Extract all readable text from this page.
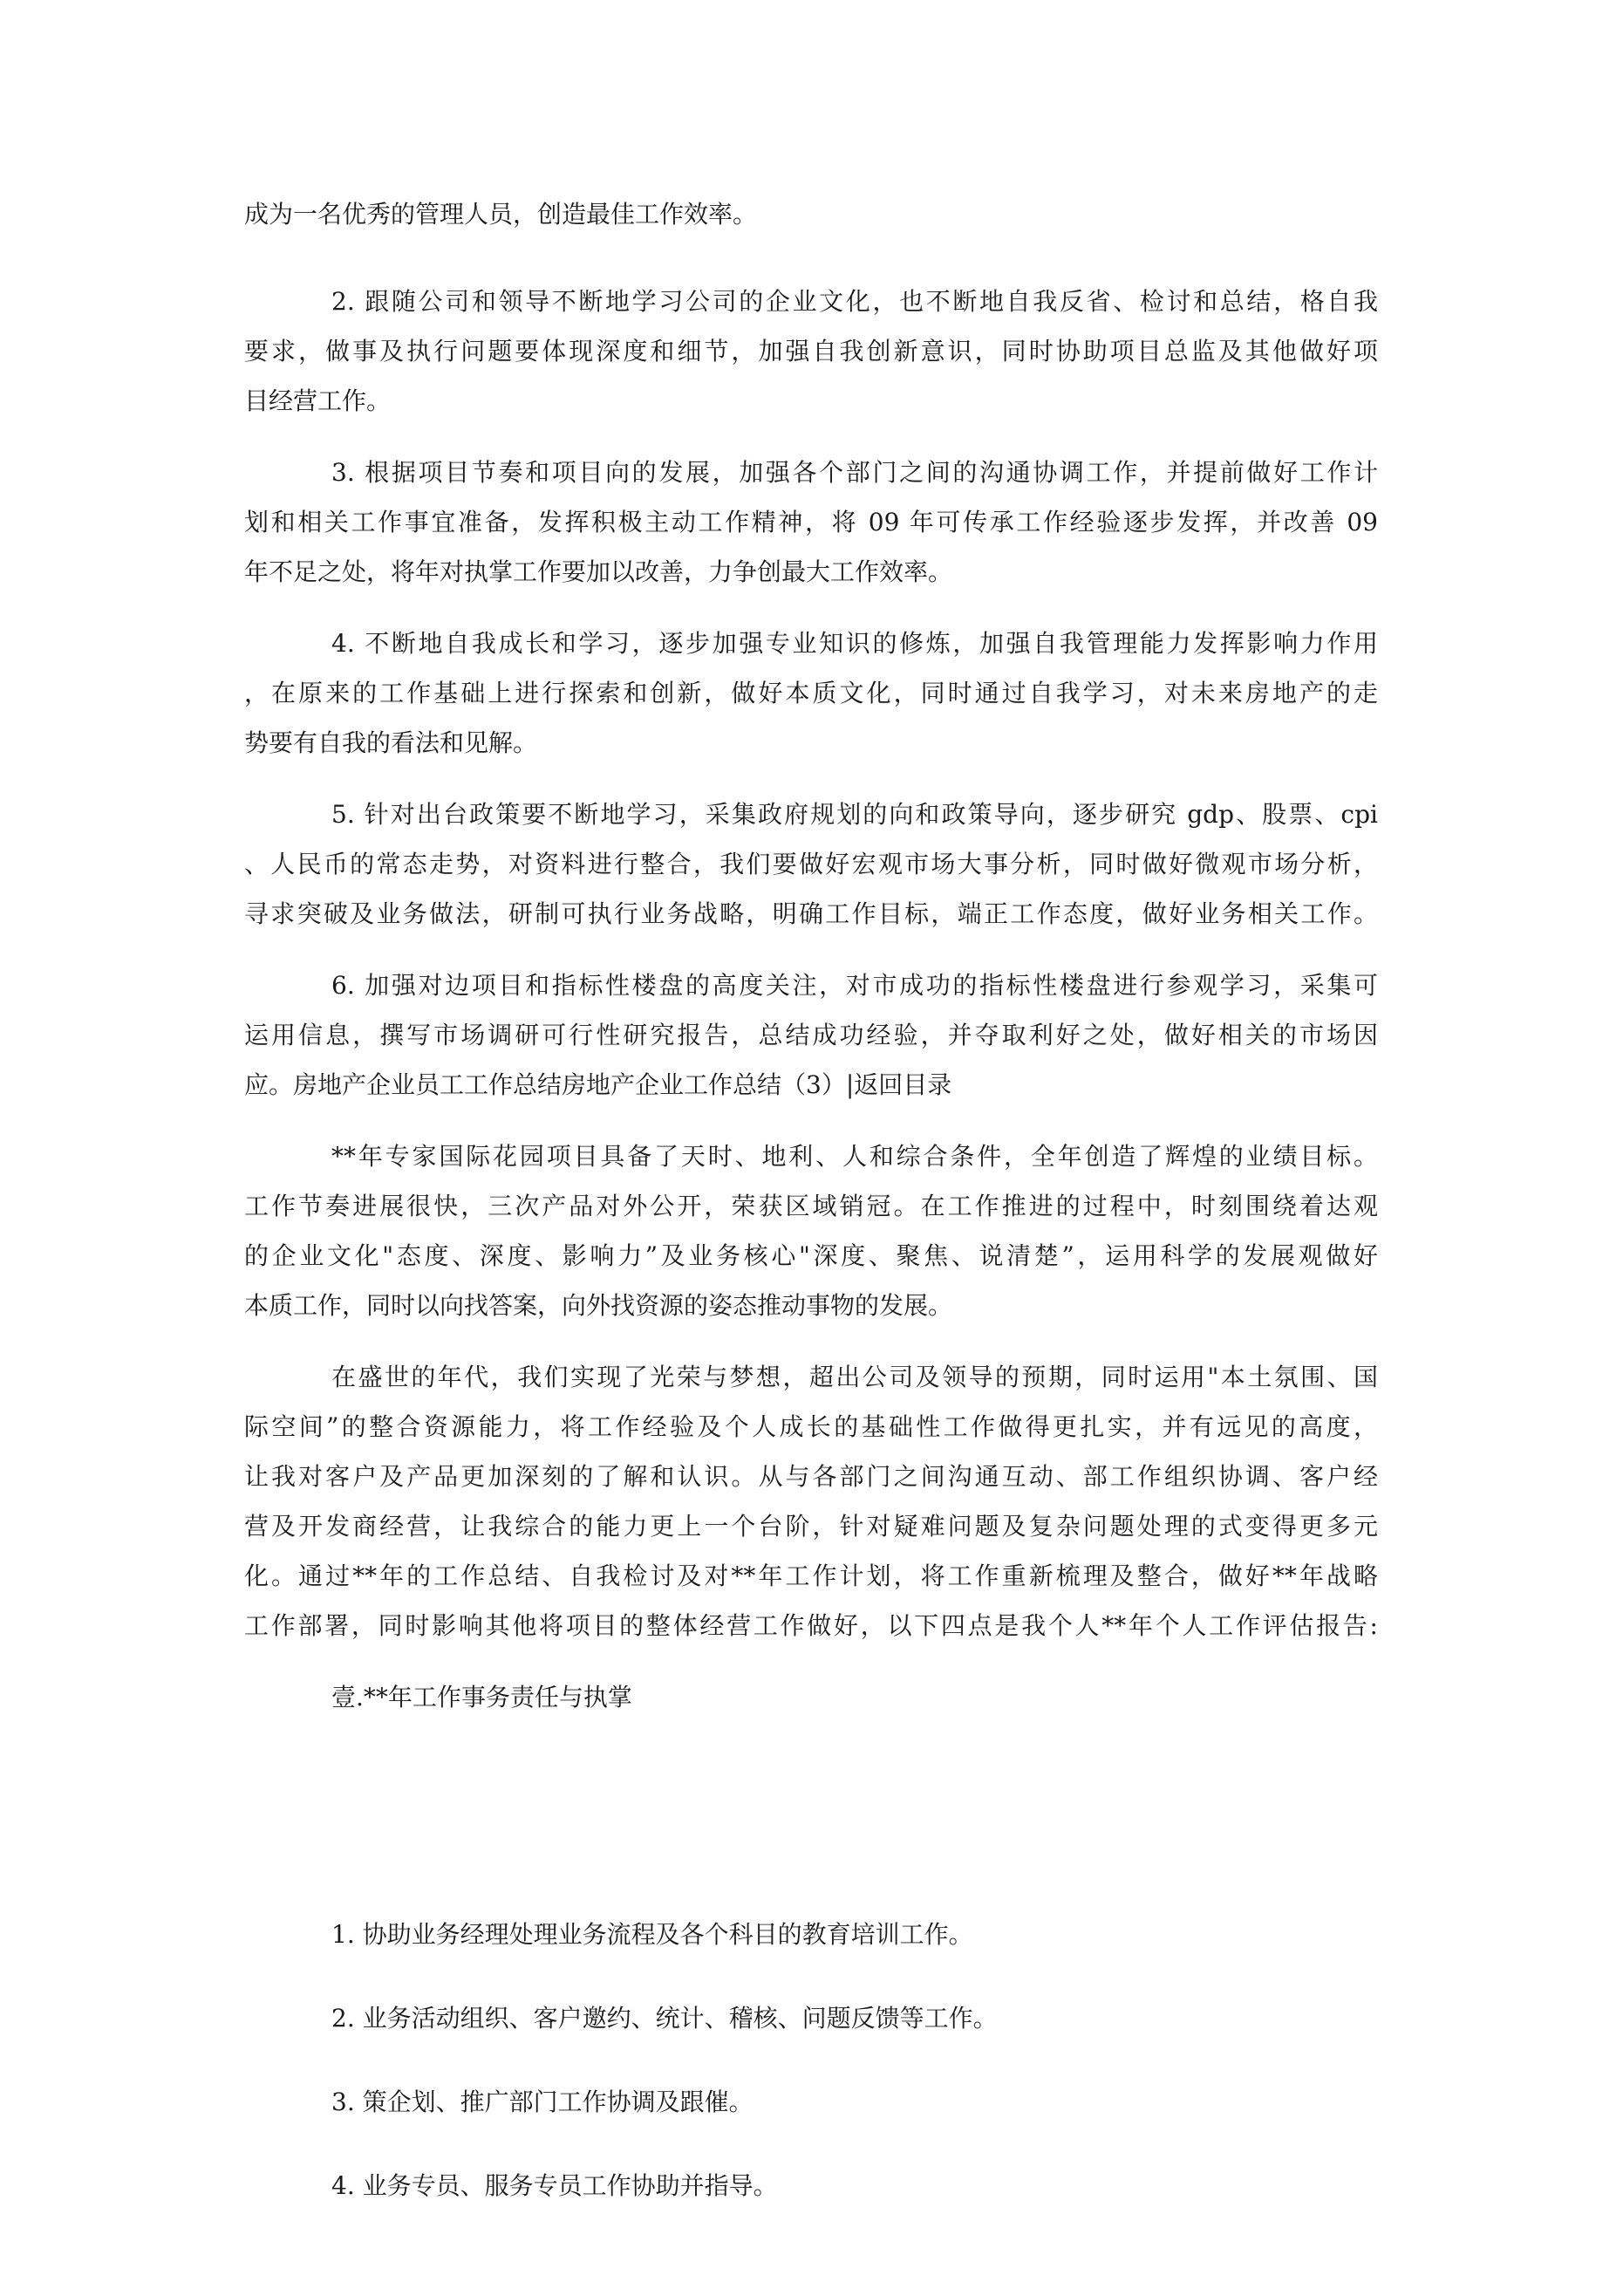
成为一名优秀的管理人员，创造最佳工作效率。
2. 跟随公司和领导不断地学习公司的企业文化，也不断地自我反省、检讨和总结，格自我
要求，做事及执行问题要体现深度和细节，加强自我创新意识，同时协助项目总监及其他做好项
目经营工作。
3. 根据项目节奏和项目向的发展，加强各个部门之间的沟通协调工作，并提前做好工作计
划和相关工作事宜准备，发挥积极主动工作精神，将 09 年可传承工作经验逐步发挥，并改善 09
年不足之处，将年对执掌工作要加以改善，力争创最大工作效率。
4. 不断地自我成长和学习，逐步加强专业知识的修炼，加强自我管理能力发挥影响力作用
，在原来的工作基础上进行探索和创新，做好本质文化，同时通过自我学习，对未来房地产的走
势要有自我的看法和见解。
5. 针对出台政策要不断地学习，采集政府规划的向和政策导向，逐步研究 gdp、股票、cpi
、人民币的常态走势，对资料进行整合，我们要做好宏观市场大事分析，同时做好微观市场分析，
寻求突破及业务做法，研制可执行业务战略，明确工作目标，端正工作态度，做好业务相关工作。
6. 加强对边项目和指标性楼盘的高度关注，对市成功的指标性楼盘进行参观学习，采集可
运用信息，撰写市场调研可行性研究报告，总结成功经验，并夺取利好之处，做好相关的市场因
应。房地产企业员工工作总结房地产企业工作总结（3）|返回目录
**年专家国际花园项目具备了天时、地利、人和综合条件，全年创造了辉煌的业绩目标。
工作节奏进展很快，三次产品对外公开，荣获区域销冠。在工作推进的过程中，时刻围绕着达观
的企业文化"态度、深度、影响力”及业务核心"深度、聚焦、说清楚”，运用科学的发展观做好
本质工作，同时以向找答案，向外找资源的姿态推动事物的发展。
在盛世的年代，我们实现了光荣与梦想，超出公司及领导的预期，同时运用"本土氛围、国
际空间”的整合资源能力，将工作经验及个人成长的基础性工作做得更扎实，并有远见的高度，
让我对客户及产品更加深刻的了解和认识。从与各部门之间沟通互动、部工作组织协调、客户经
营及开发商经营，让我综合的能力更上一个台阶，针对疑难问题及复杂问题处理的式变得更多元
化。通过**年的工作总结、自我检讨及对**年工作计划，将工作重新梳理及整合，做好**年战略
工作部署，同时影响其他将项目的整体经营工作做好，以下四点是我个人**年个人工作评估报告:
壹.**年工作事务责任与执掌
1. 协助业务经理处理业务流程及各个科目的教育培训工作。
2. 业务活动组织、客户邀约、统计、稽核、问题反馈等工作。
3. 策企划、推广部门工作协调及跟催。
4. 业务专员、服务专员工作协助并指导。
